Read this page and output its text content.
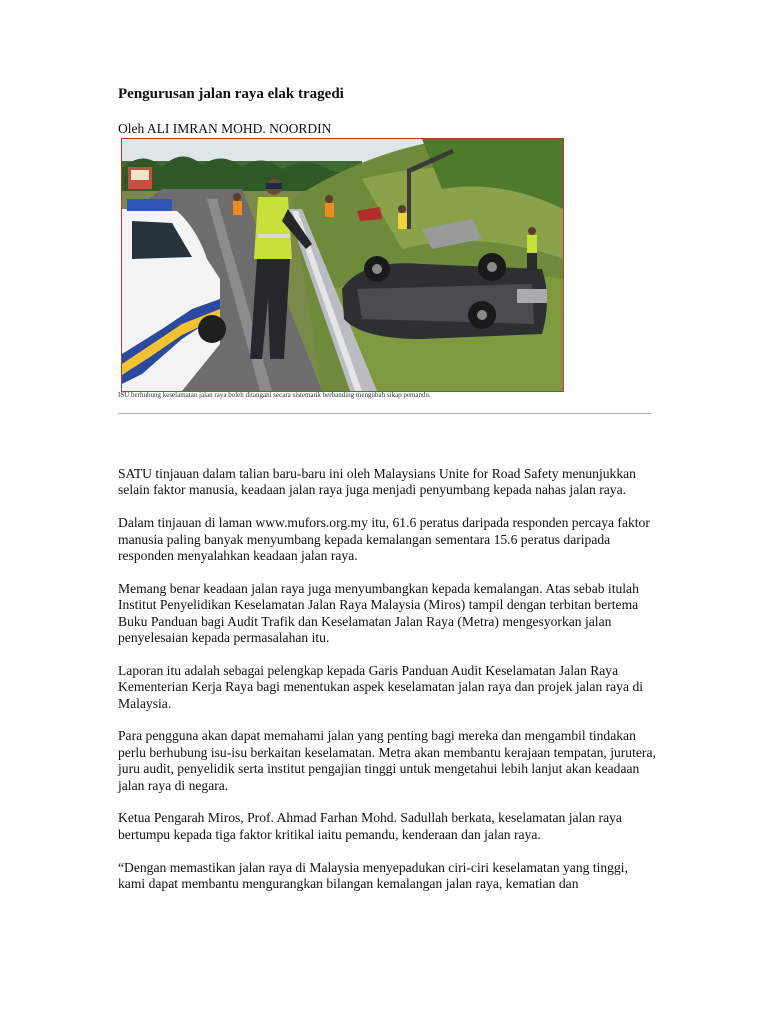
Pengurusan jalan raya elak tragedi
Oleh ALI IMRAN MOHD. NOORDIN
ISU berhubung keselamatan jalan raya boleh ditangani secara sistematik berbanding mengubah sikap pemandu.

SATU tinjauan dalam talian baru-baru ini oleh Malaysians Unite for Road Safety menunjukkan selain faktor manusia, keadaan jalan raya juga menjadi penyumbang kepada nahas jalan raya.

Dalam tinjauan di laman www.mufors.org.my itu, 61.6 peratus daripada responden percaya faktor manusia paling banyak menyumbang kepada kemalangan sementara 15.6 peratus daripada responden menyalahkan keadaan jalan raya.

Memang benar keadaan jalan raya juga menyumbangkan kepada kemalangan. Atas sebab itulah Institut Penyelidikan Keselamatan Jalan Raya Malaysia (Miros) tampil dengan terbitan bertema Buku Panduan bagi Audit Trafik dan Keselamatan Jalan Raya (Metra) mengesyorkan jalan penyelesaian kepada permasalahan itu.

Laporan itu adalah sebagai pelengkap kepada Garis Panduan Audit Keselamatan Jalan Raya Kementerian Kerja Raya bagi menentukan aspek keselamatan jalan raya dan projek jalan raya di Malaysia.

Para pengguna akan dapat memahami jalan yang penting bagi mereka dan mengambil tindakan perlu berhubung isu-isu berkaitan keselamatan. Metra akan membantu kerajaan tempatan, jurutera, juru audit, penyelidik serta institut pengajian tinggi untuk mengetahui lebih lanjut akan keadaan jalan raya di negara.

Ketua Pengarah Miros, Prof. Ahmad Farhan Mohd. Sadullah berkata, keselamatan jalan raya bertumpu kepada tiga faktor kritikal iaitu pemandu, kenderaan dan jalan raya.

“Dengan memastikan jalan raya di Malaysia menyepadukan ciri-ciri keselamatan yang tinggi, kami dapat membantu mengurangkan bilangan kemalangan jalan raya, kematian dan
